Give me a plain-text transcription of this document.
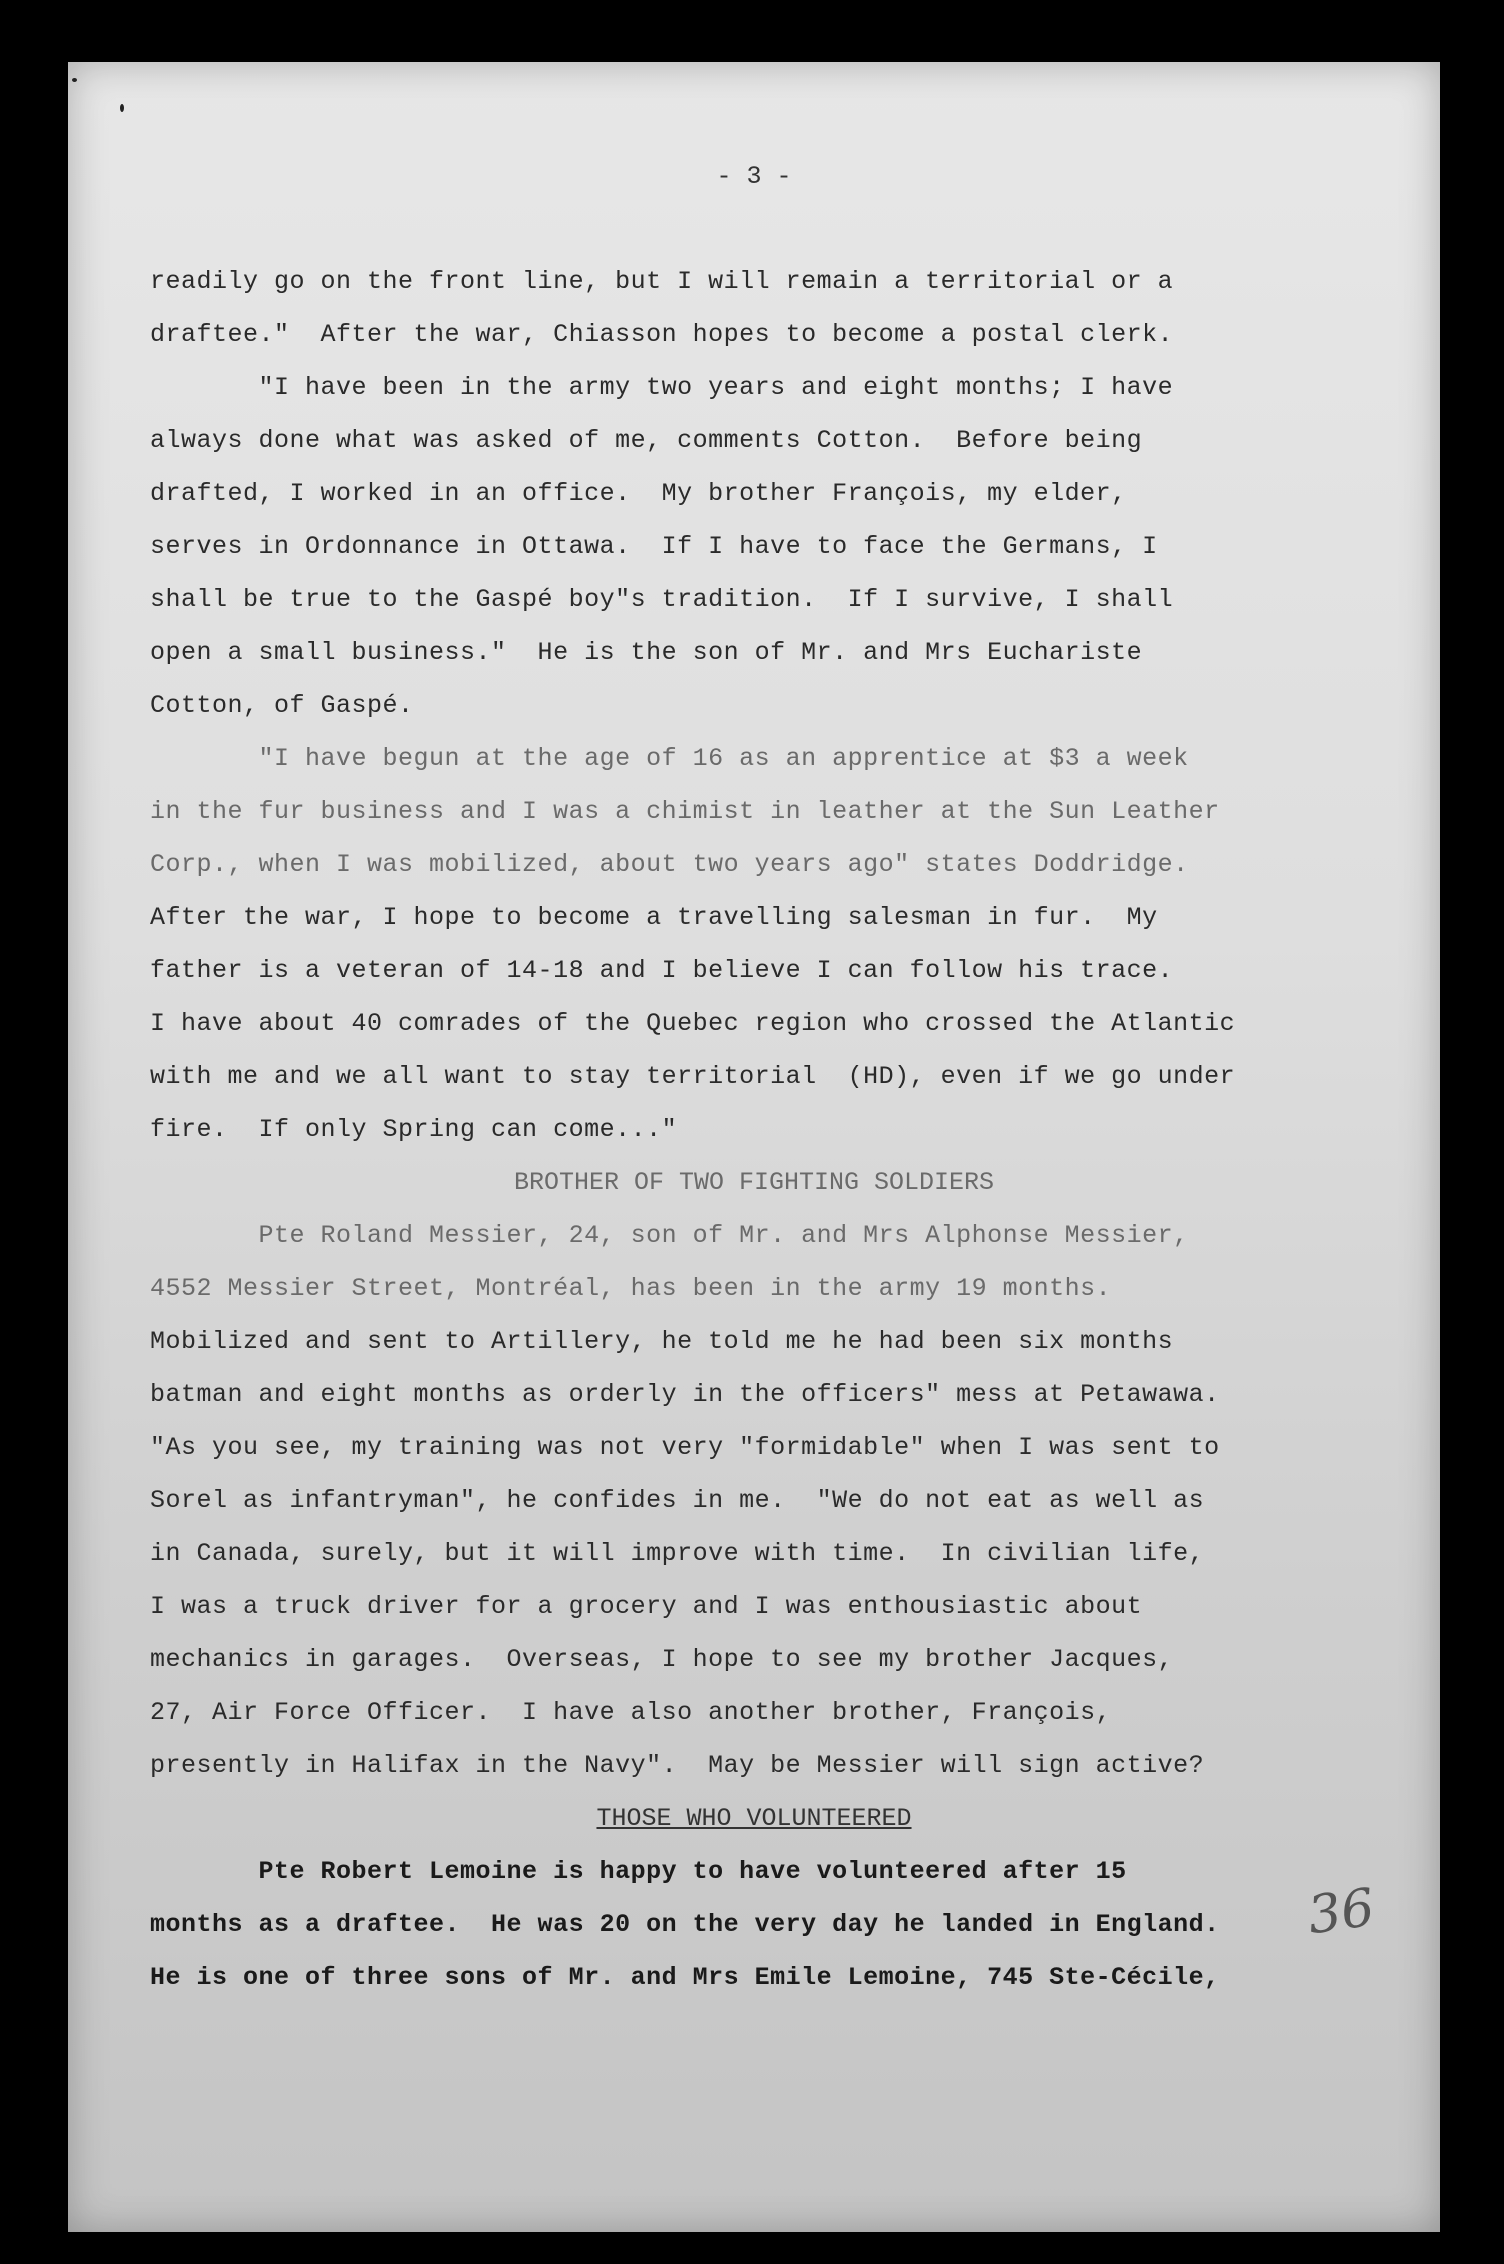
- 3 -
readily go on the front line, but I will remain a territorial or a
draftee."  After the war, Chiasson hopes to become a postal clerk.
"I have been in the army two years and eight months; I have
always done what was asked of me, comments Cotton.  Before being
drafted, I worked in an office.  My brother François, my elder,
serves in Ordonnance in Ottawa.  If I have to face the Germans, I
shall be true to the Gaspé boy"s tradition.  If I survive, I shall
open a small business."  He is the son of Mr. and Mrs Eucharistе
Cotton, of Gaspé.
"I have begun at the age of 16 as an apprentice at $3 a week
in the fur business and I was a chimist in leather at the Sun Leather
Corp., when I was mobilized, about two years ago" states Doddridge.
After the war, I hope to become a travelling salesman in fur.  My
father is a veteran of 14-18 and I believe I can follow his trace.
I have about 40 comrades of the Quebec region who crossed the Atlantic
with me and we all want to stay territorial  (HD), even if we go under
fire.  If only Spring can come..."
Pte Roland Messier, 24, son of Mr. and Mrs Alphonse Messier,
4552 Messier Street, Montréal, has been in the army 19 months.
Mobilized and sent to Artillery, he told me he had been six months
batman and eight months as orderly in the officers" mess at Petawawa.
"As you see, my training was not very "formidable" when I was sent to
Sorel as infantryman", he confides in me.  "We do not eat as well as
in Canada, surely, but it will improve with time.  In civilian life,
I was a truck driver for a grocery and I was enthousiastic about
mechanics in garages.  Overseas, I hope to see my brother Jacques,
27, Air Force Officer.  I have also another brother, François,
presently in Halifax in the Navy".  May be Messier will sign active?
Pte Robert Lemoine is happy to have volunteered after 15
months as a draftee.  He was 20 on the very day he landed in England.
He is one of three sons of Mr. and Mrs Emile Lemoine, 745 Ste-Cécile,
BROTHER OF TWO FIGHTING SOLDIERS
THOSE WHO VOLUNTEERED
36
